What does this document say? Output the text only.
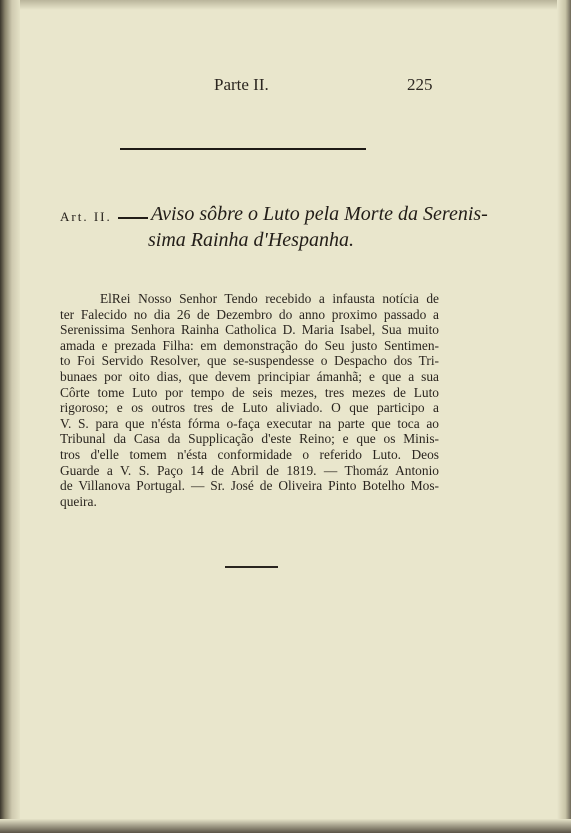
Parte II.	225
Art. II. Aviso sôbre o Luto pela Morte da Serenis-
sima Rainha d'Hespanha.
ElRei Nosso Senhor Tendo recebido a infausta notícia de
ter Falecido no dia 26 de Dezembro do anno proximo passado a
Serenissima Senhora Rainha Catholica D. Maria Isabel, Sua muito
amada e prezada Filha: em demonstração do Seu justo Sentimen-
to Foi Servido Resolver, que se-suspendesse o Despacho dos Tri-
bunaes por oito dias, que devem principiar ámanhã; e que a sua
Côrte tome Luto por tempo de seis mezes, tres mezes de Luto
rigoroso; e os outros tres de Luto aliviado. O que participo a
V. S. para que n'ésta fórma o-faça executar na parte que toca ao
Tribunal da Casa da Supplicação d'este Reino; e que os Minis-
tros d'elle tomem n'ésta conformidade o referido Luto. Deos
Guarde a V. S. Paço 14 de Abril de 1819. — Thomáz Antonio
de Villanova Portugal. — Sr. José de Oliveira Pinto Botelho Mos-
queira.
